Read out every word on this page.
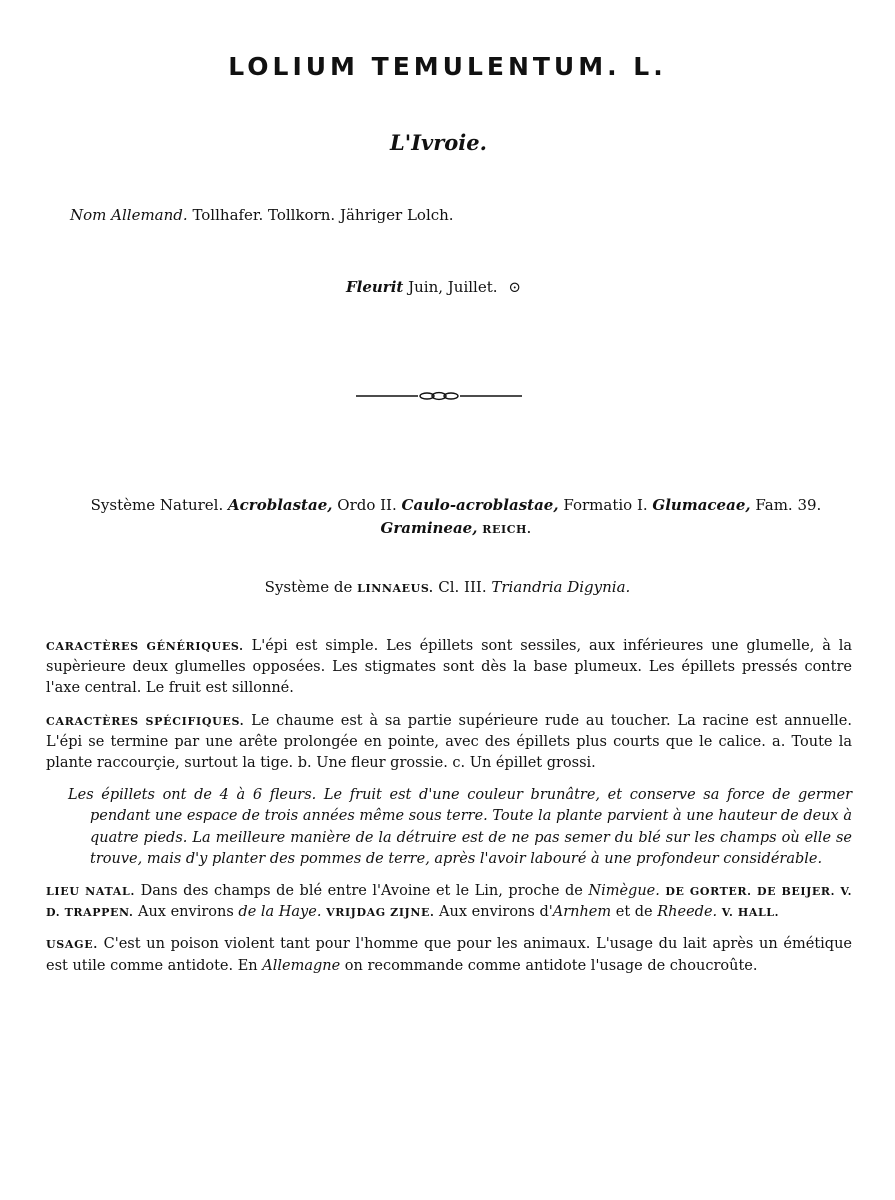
LOLIUM TEMULENTUM. L.
L'Ivroie.
Nom Allemand. Tollhafer. Tollkorn. Jähriger Lolch.
Fleurit Juin, Juillet. ⊙
Système Naturel. Acroblastae, Ordo II. Caulo-acroblastae, Formatio I. Glumaceae, Fam. 39.
Gramineae, REICH.
Système de LINNAEUS. Cl. III. Triandria Digynia.

CARACTÈRES GÉNÉRIQUES. L'épi est simple. Les épillets sont sessiles, aux inférieures une glumelle, à la supèrieure deux glumelles opposées. Les stigmates sont dès la base plumeux. Les épillets pressés contre l'axe central. Le fruit est sillonné.

CARACTÈRES SPÉCIFIQUES. Le chaume est à sa partie supérieure rude au toucher. La racine est annuelle. L'épi se termine par une arête prolongée en pointe, avec des épillets plus courts que le calice. a. Toute la plante raccourçie, surtout la tige. b. Une fleur grossie. c. Un épillet grossi.

Les épillets ont de 4 à 6 fleurs. Le fruit est d'une couleur brunâtre, et conserve sa force de germer pendant une espace de trois années même sous terre. Toute la plante parvient à une hauteur de deux à quatre pieds. La meilleure manière de la détruire est de ne pas semer du blé sur les champs où elle se trouve, mais d'y planter des pommes de terre, après l'avoir labouré à une profondeur considérable.

LIEU NATAL. Dans des champs de blé entre l'Avoine et le Lin, proche de Nimègue. DE GORTER. DE BEIJER. V. D. TRAPPEN. Aux environs de la Haye. VRIJDAG ZIJNE. Aux environs d'Arnhem et de Rheede. V. HALL.

USAGE. C'est un poison violent tant pour l'homme que pour les animaux. L'usage du lait après un émétique est utile comme antidote. En Allemagne on recommande comme antidote l'usage de choucroûte.
